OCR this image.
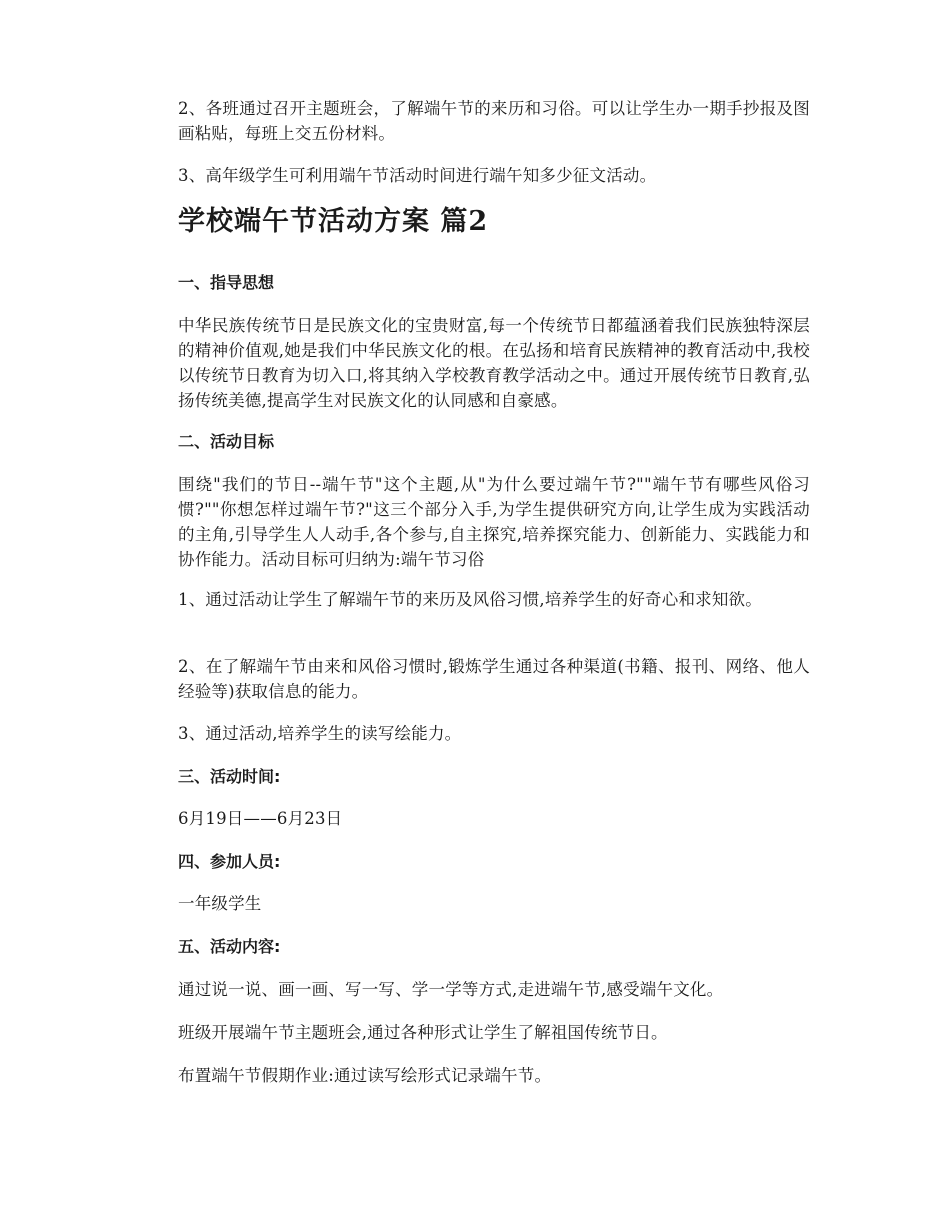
2、各班通过召开主题班会，了解端午节的来历和习俗。可以让学生办一期手抄报及图画粘贴，每班上交五份材料。

3、高年级学生可利用端午节活动时间进行端午知多少征文活动。

学校端午节活动方案 篇2
一、指导思想

中华民族传统节日是民族文化的宝贵财富,每一个传统节日都蕴涵着我们民族独特深层的精神价值观,她是我们中华民族文化的根。在弘扬和培育民族精神的教育活动中,我校以传统节日教育为切入口,将其纳入学校教育教学活动之中。通过开展传统节日教育,弘扬传统美德,提高学生对民族文化的认同感和自豪感。

二、活动目标

围绕"我们的节日--端午节"这个主题,从"为什么要过端午节?""端午节有哪些风俗习惯?""你想怎样过端午节?"这三个部分入手,为学生提供研究方向,让学生成为实践活动的主角,引导学生人人动手,各个参与,自主探究,培养探究能力、创新能力、实践能力和协作能力。活动目标可归纳为:端午节习俗

1、通过活动让学生了解端午节的来历及风俗习惯,培养学生的好奇心和求知欲。

2、在了解端午节由来和风俗习惯时,锻炼学生通过各种渠道(书籍、报刊、网络、他人经验等)获取信息的能力。

3、通过活动,培养学生的读写绘能力。

三、活动时间:

6月19日——6月23日

四、参加人员:

一年级学生

五、活动内容:

通过说一说、画一画、写一写、学一学等方式,走进端午节,感受端午文化。

班级开展端午节主题班会,通过各种形式让学生了解祖国传统节日。

布置端午节假期作业:通过读写绘形式记录端午节。
